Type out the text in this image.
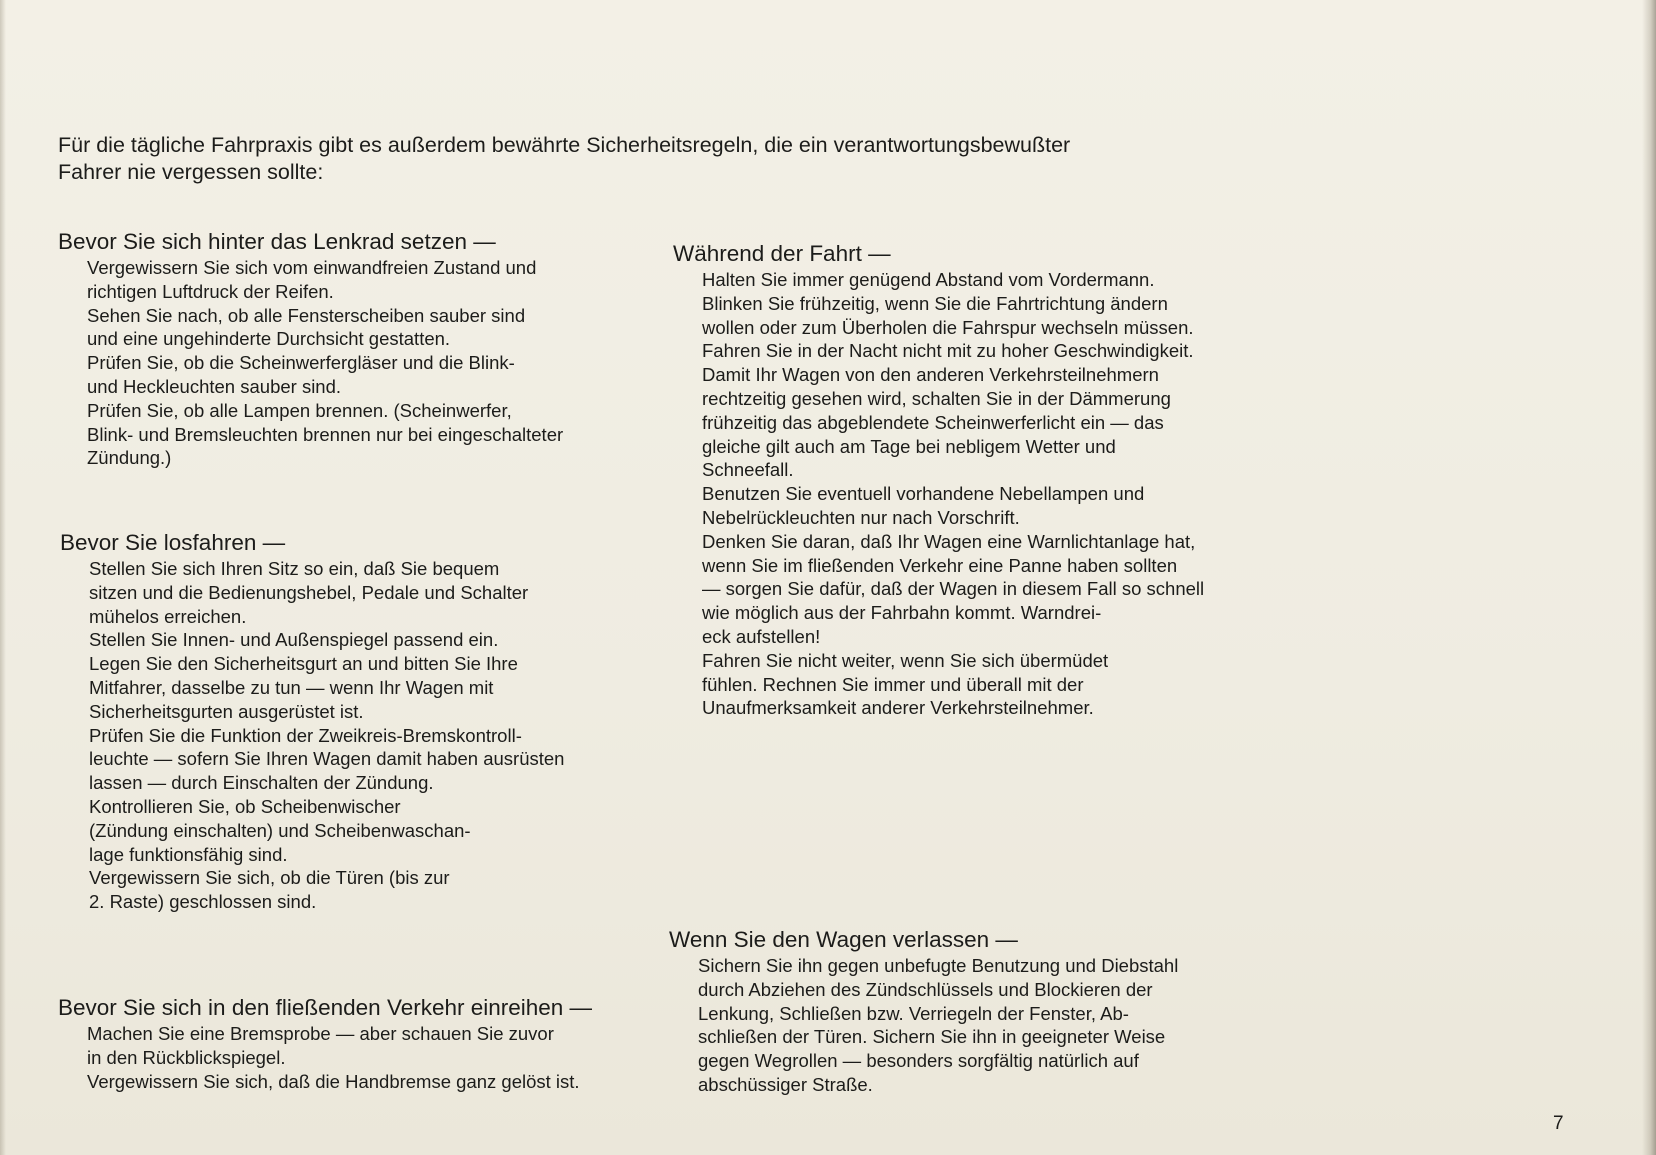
Für die tägliche Fahrpraxis gibt es außerdem bewährte Sicherheitsregeln, die ein verantwortungsbewußter
Fahrer nie vergessen sollte:

Bevor Sie sich hinter das Lenkrad setzen —
Vergewissern Sie sich vom einwandfreien Zustand und
richtigen Luftdruck der Reifen.
Sehen Sie nach, ob alle Fensterscheiben sauber sind
und eine ungehinderte Durchsicht gestatten.
Prüfen Sie, ob die Scheinwerfergläser und die Blink-
und Heckleuchten sauber sind.
Prüfen Sie, ob alle Lampen brennen. (Scheinwerfer,
Blink- und Bremsleuchten brennen nur bei eingeschalteter
Zündung.)
Bevor Sie losfahren —
Stellen Sie sich Ihren Sitz so ein, daß Sie bequem
sitzen und die Bedienungshebel, Pedale und Schalter
mühelos erreichen.
Stellen Sie Innen- und Außenspiegel passend ein.
Legen Sie den Sicherheitsgurt an und bitten Sie Ihre
Mitfahrer, dasselbe zu tun — wenn Ihr Wagen mit
Sicherheitsgurten ausgerüstet ist.
Prüfen Sie die Funktion der Zweikreis-Bremskontroll-
leuchte — sofern Sie Ihren Wagen damit haben ausrüsten
lassen — durch Einschalten der Zündung.
Kontrollieren Sie, ob Scheibenwischer
(Zündung einschalten) und Scheibenwaschan-
lage funktionsfähig sind.
Vergewissern Sie sich, ob die Türen (bis zur
2. Raste) geschlossen sind.
Bevor Sie sich in den fließenden Verkehr einreihen —
Machen Sie eine Bremsprobe — aber schauen Sie zuvor
in den Rückblickspiegel.
Vergewissern Sie sich, daß die Handbremse ganz gelöst ist.
Während der Fahrt —
Halten Sie immer genügend Abstand vom Vordermann.
Blinken Sie frühzeitig, wenn Sie die Fahrtrichtung ändern
wollen oder zum Überholen die Fahrspur wechseln müssen.
Fahren Sie in der Nacht nicht mit zu hoher Geschwindigkeit.
Damit Ihr Wagen von den anderen Verkehrsteilnehmern
rechtzeitig gesehen wird, schalten Sie in der Dämmerung
frühzeitig das abgeblendete Scheinwerferlicht ein — das
gleiche gilt auch am Tage bei nebligem Wetter und
Schneefall.
Benutzen Sie eventuell vorhandene Nebellampen und
Nebelrückleuchten nur nach Vorschrift.
Denken Sie daran, daß Ihr Wagen eine Warnlichtanlage hat,
wenn Sie im fließenden Verkehr eine Panne haben sollten
— sorgen Sie dafür, daß der Wagen in diesem Fall so schnell
wie möglich aus der Fahrbahn kommt. Warndrei-
eck aufstellen!
Fahren Sie nicht weiter, wenn Sie sich übermüdet
fühlen. Rechnen Sie immer und überall mit der
Unaufmerksamkeit anderer Verkehrsteilnehmer.
Wenn Sie den Wagen verlassen —
Sichern Sie ihn gegen unbefugte Benutzung und Diebstahl
durch Abziehen des Zündschlüssels und Blockieren der
Lenkung, Schließen bzw. Verriegeln der Fenster, Ab-
schließen der Türen. Sichern Sie ihn in geeigneter Weise
gegen Wegrollen — besonders sorgfältig natürlich auf
abschüssiger Straße.
7
